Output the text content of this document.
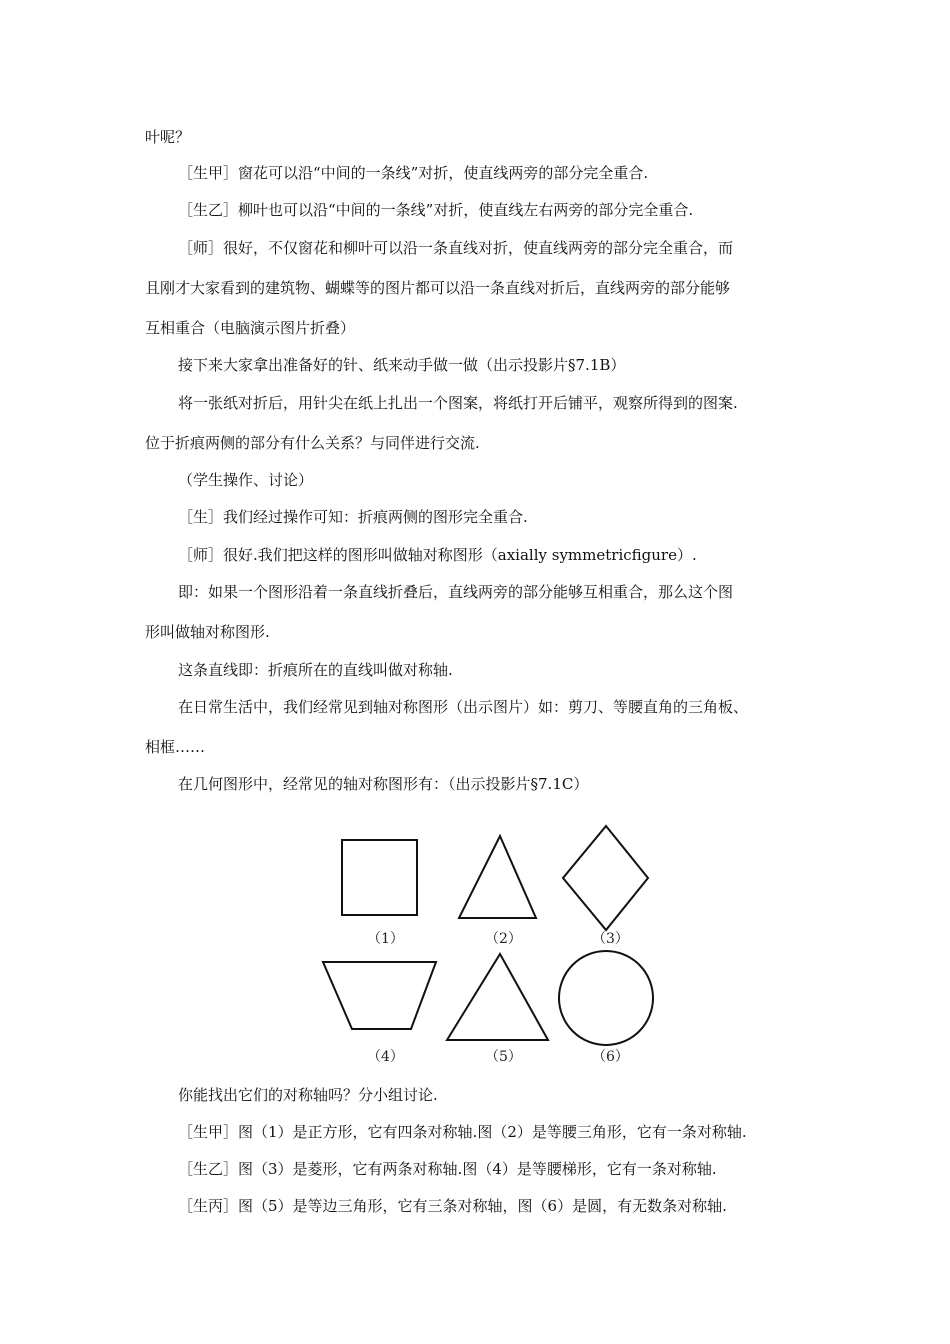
叶呢？
［生甲］窗花可以沿“中间的一条线”对折，使直线两旁的部分完全重合.
［生乙］柳叶也可以沿“中间的一条线”对折，使直线左右两旁的部分完全重合.
［师］很好，不仅窗花和柳叶可以沿一条直线对折，使直线两旁的部分完全重合，而
且刚才大家看到的建筑物、蝴蝶等的图片都可以沿一条直线对折后，直线两旁的部分能够
互相重合（电脑演示图片折叠）
接下来大家拿出准备好的针、纸来动手做一做（出示投影片§7.1B）
将一张纸对折后，用针尖在纸上扎出一个图案，将纸打开后铺平，观察所得到的图案.
位于折痕两侧的部分有什么关系？与同伴进行交流.
（学生操作、讨论）
［生］我们经过操作可知：折痕两侧的图形完全重合.
［师］很好.我们把这样的图形叫做轴对称图形（axially symmetricfigure）.
即：如果一个图形沿着一条直线折叠后，直线两旁的部分能够互相重合，那么这个图
形叫做轴对称图形.
这条直线即：折痕所在的直线叫做对称轴.
在日常生活中，我们经常见到轴对称图形（出示图片）如：剪刀、等腰直角的三角板、
相框……
在几何图形中，经常见的轴对称图形有：（出示投影片§7.1C）
（1）	（2）	（3）
（4）	（5）	（6）
你能找出它们的对称轴吗？分小组讨论.
［生甲］图（1）是正方形，它有四条对称轴.图（2）是等腰三角形，它有一条对称轴.
［生乙］图（3）是菱形，它有两条对称轴.图（4）是等腰梯形，它有一条对称轴.
［生丙］图（5）是等边三角形，它有三条对称轴，图（6）是圆，有无数条对称轴.
